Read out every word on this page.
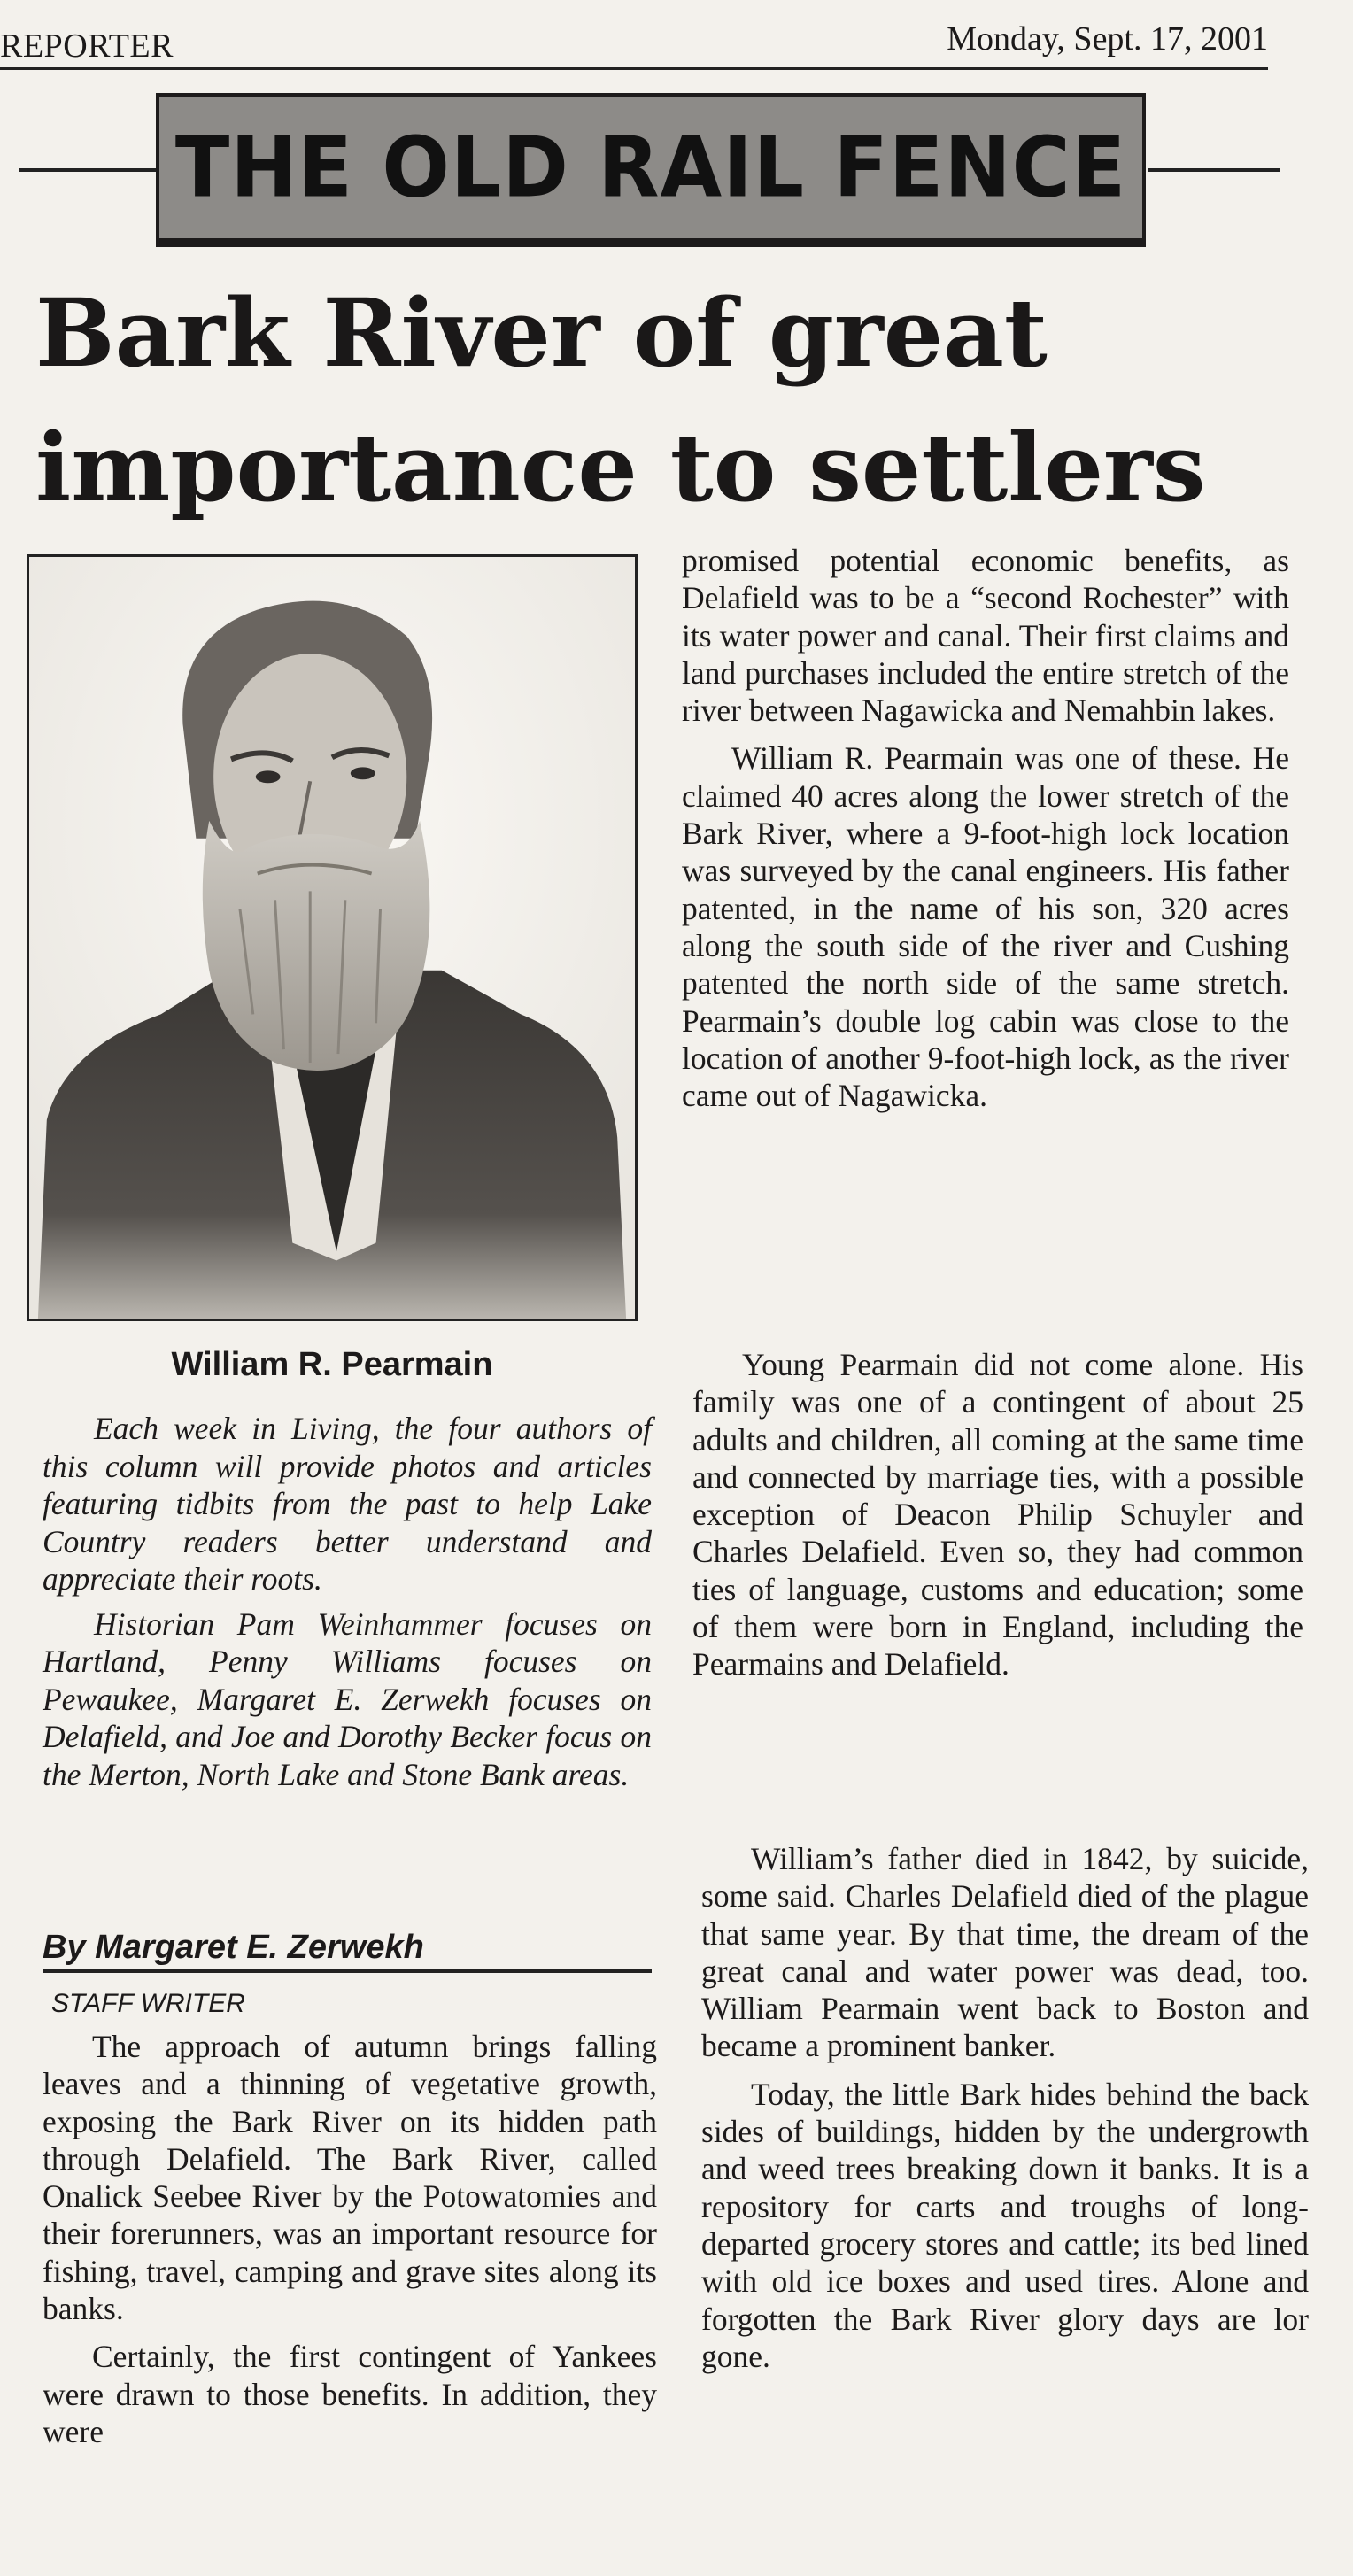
REPORTER	Monday, Sept. 17, 2001
THE OLD RAIL FENCE
Bark River of great importance to settlers
William R. Pearmain

Each week in Living, the four authors of this column will provide photos and articles featuring tidbits from the past to help Lake Country readers better understand and appreciate their roots.

Historian Pam Weinhammer focuses on Hartland, Penny Williams focuses on Pewaukee, Margaret E. Zerwekh focuses on Delafield, and Joe and Dorothy Becker focus on the Merton, North Lake and Stone Bank areas.

By Margaret E. Zerwekh
STAFF WRITER

The approach of autumn brings falling leaves and a thinning of vegetative growth, exposing the Bark River on its hidden path through Delafield. The Bark River, called Onalick Seebee River by the Potowatomies and their forerunners, was an important resource for fishing, travel, camping and grave sites along its banks.

Certainly, the first contingent of Yankees were drawn to those benefits. In addition, they were

promised potential economic benefits, as Delafield was to be a “second Rochester” with its water power and canal. Their first claims and land purchases included the entire stretch of the river between Nagawicka and Nemahbin lakes.

William R. Pearmain was one of these. He claimed 40 acres along the lower stretch of the Bark River, where a 9-foot-high lock location was surveyed by the canal engineers. His father patented, in the name of his son, 320 acres along the south side of the river and Cushing patented the north side of the same stretch. Pearmain’s double log cabin was close to the location of another 9-foot-high lock, as the river came out of Nagawicka.

Young Pearmain did not come alone. His family was one of a contingent of about 25 adults and children, all coming at the same time and connected by marriage ties, with a possible exception of Deacon Philip Schuyler and Charles Delafield. Even so, they had common ties of language, customs and education; some of them were born in England, including the Pearmains and Delafield.

William’s father died in 1842, by suicide, some said. Charles Delafield died of the plague that same year. By that time, the dream of the great canal and water power was dead, too. William Pearmain went back to Boston and became a prominent banker.

Today, the little Bark hides behind the back sides of buildings, hidden by the undergrowth and weed trees breaking down it banks. It is a repository for carts and troughs of long-departed grocery stores and cattle; its bed lined with old ice boxes and used tires. Alone and forgotten the Bark River glory days are lor gone.
